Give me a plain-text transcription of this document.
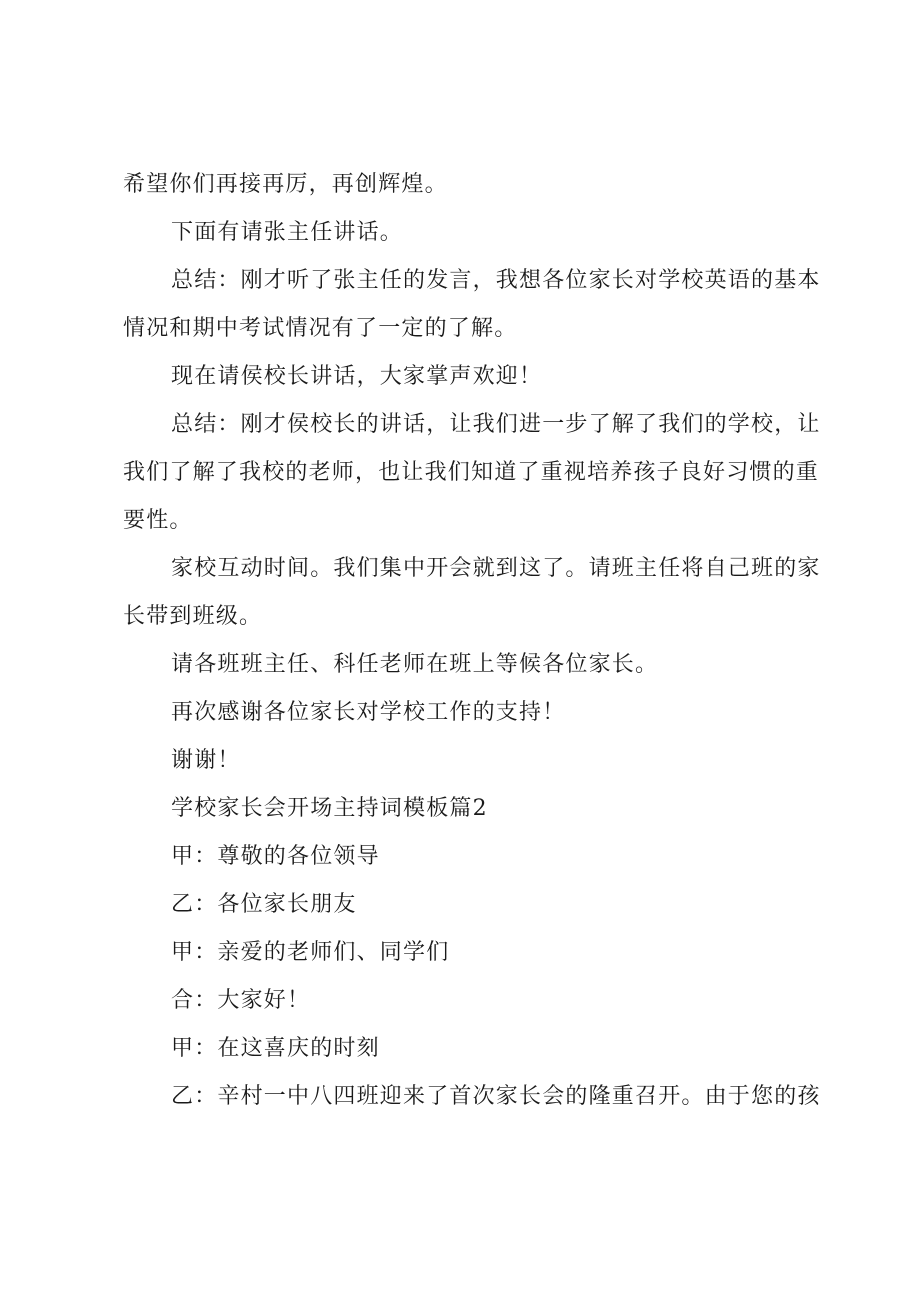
希望你们再接再厉，再创辉煌。

下面有请张主任讲话。

总结：刚才听了张主任的发言，我想各位家长对学校英语的基本情况和期中考试情况有了一定的了解。

现在请侯校长讲话，大家掌声欢迎！

总结：刚才侯校长的讲话，让我们进一步了解了我们的学校，让我们了解了我校的老师，也让我们知道了重视培养孩子良好习惯的重要性。

家校互动时间。我们集中开会就到这了。请班主任将自己班的家长带到班级。

请各班班主任、科任老师在班上等候各位家长。

再次感谢各位家长对学校工作的支持！

谢谢！

学校家长会开场主持词模板篇2

甲：尊敬的各位领导

乙：各位家长朋友

甲：亲爱的老师们、同学们

合：大家好！

甲：在这喜庆的时刻

乙：辛村一中八四班迎来了首次家长会的隆重召开。由于您的孩
